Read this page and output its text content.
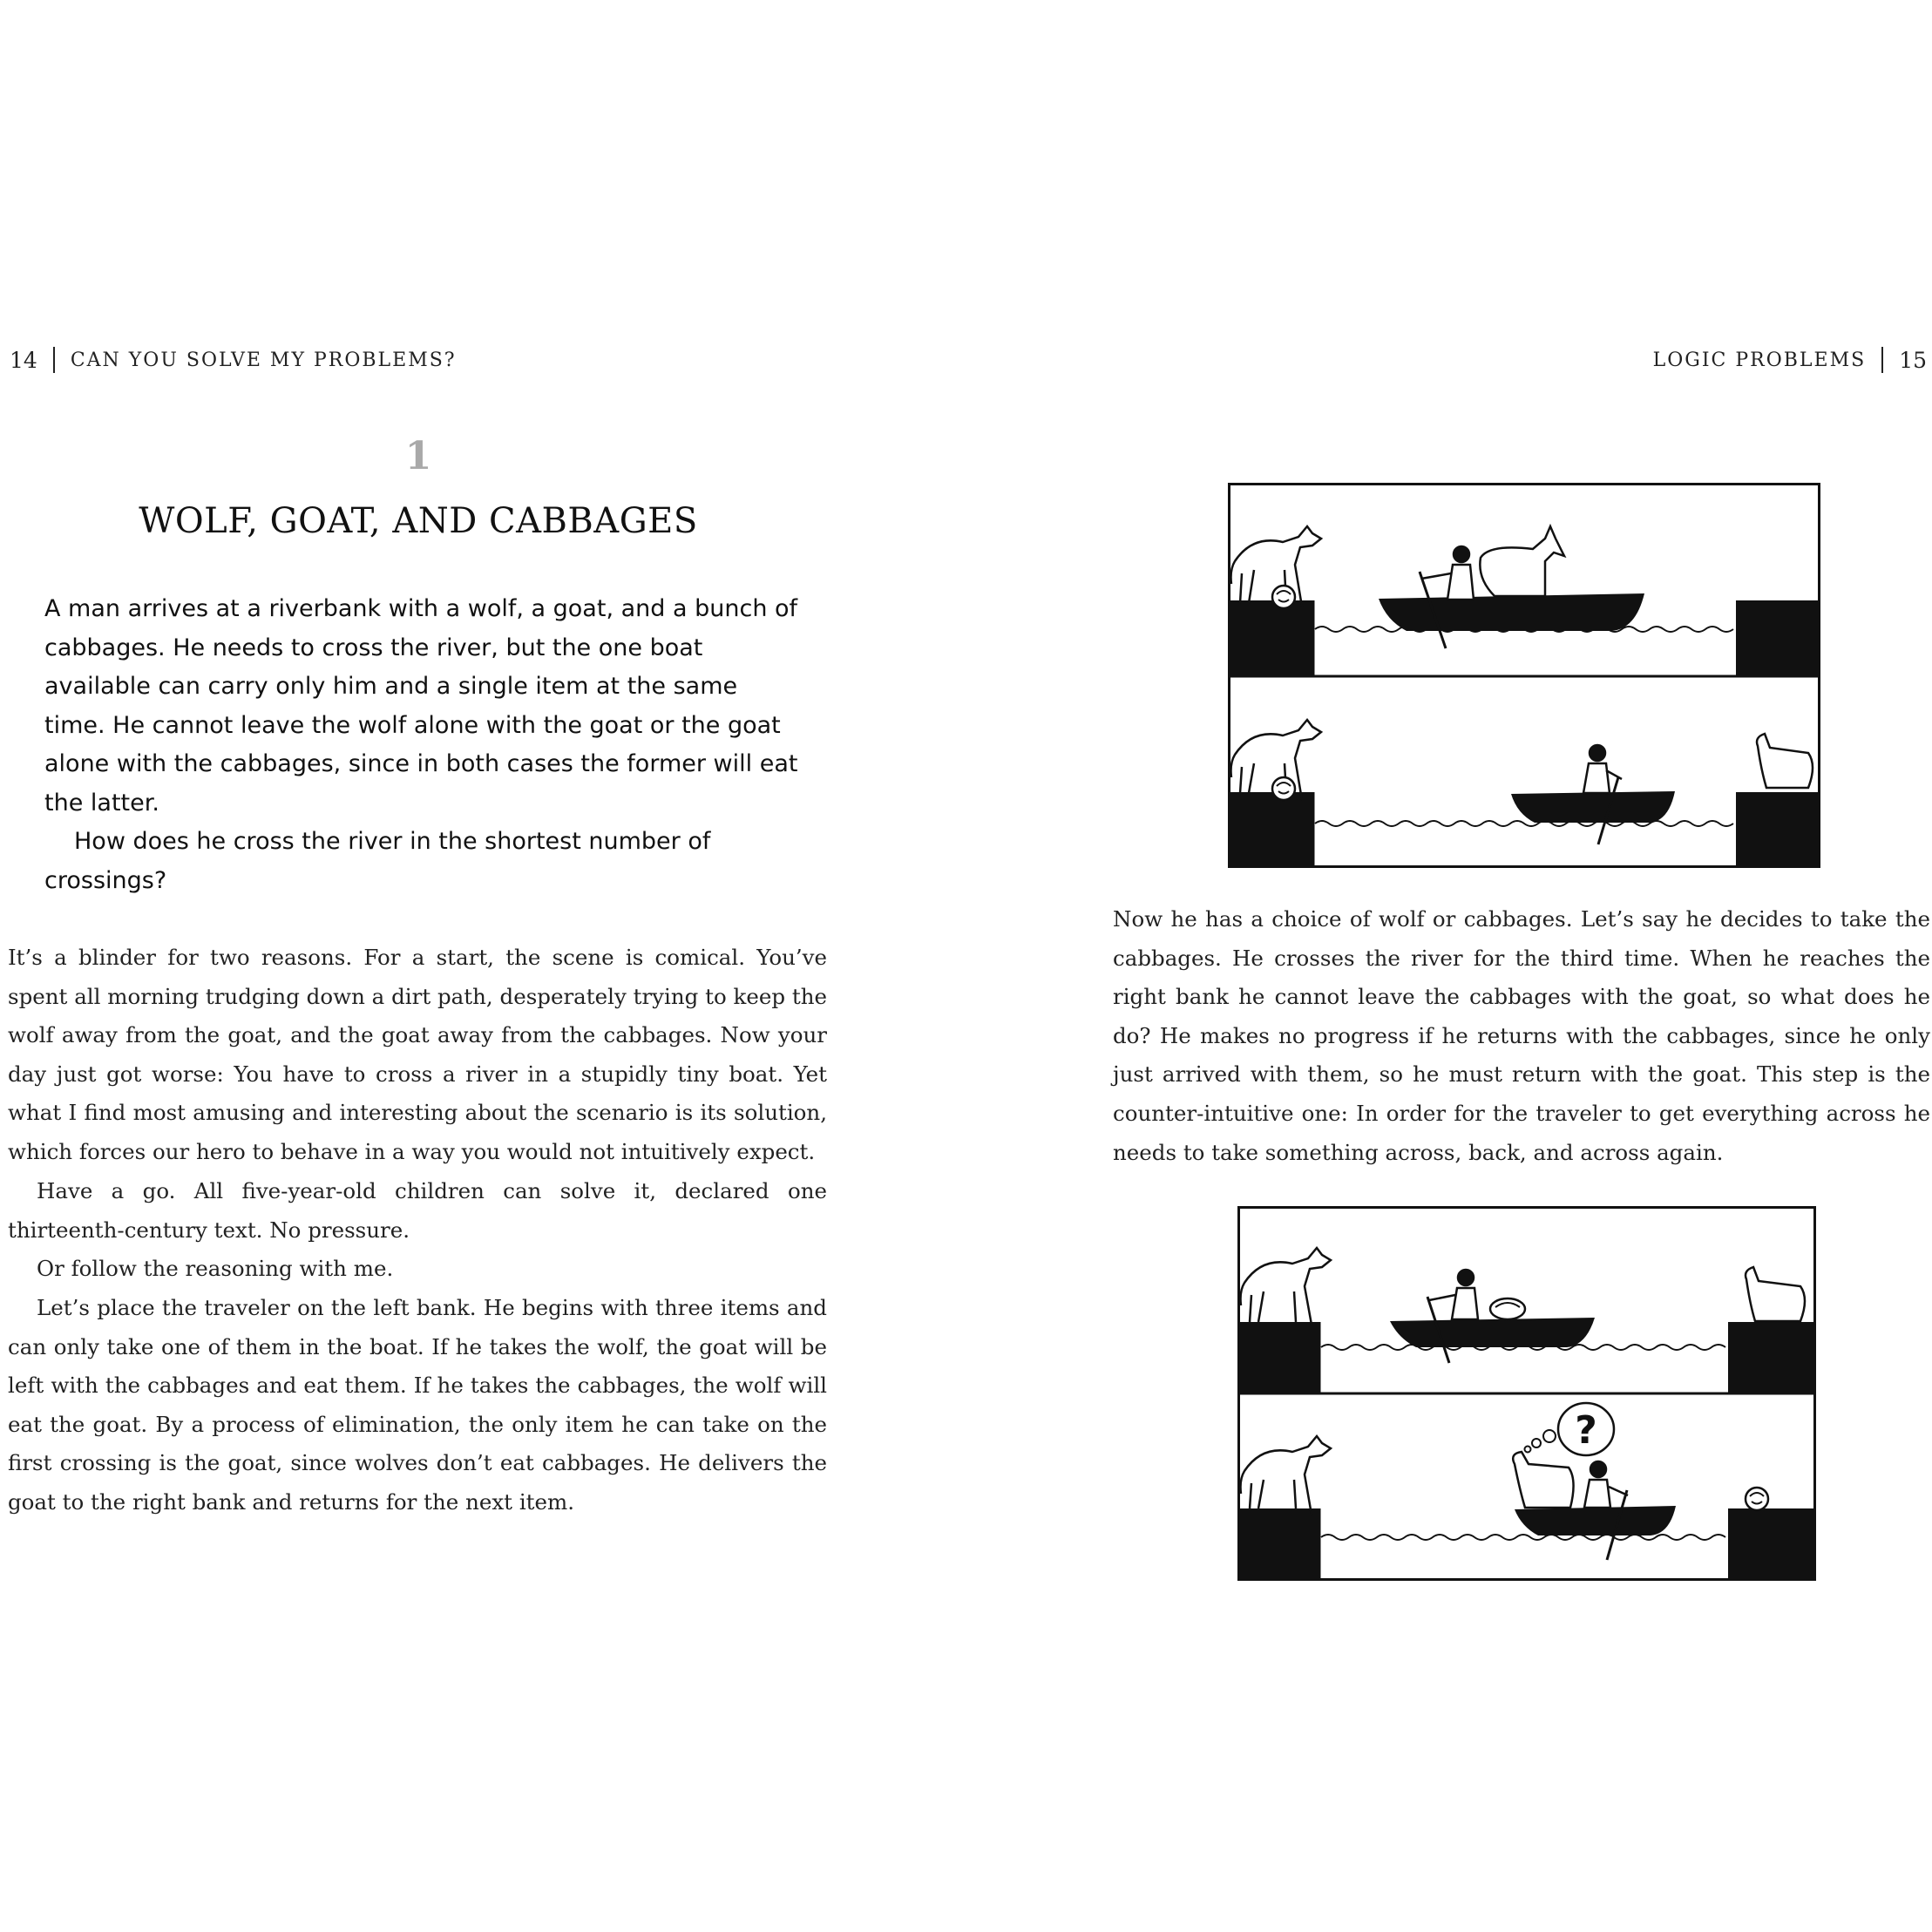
14 CAN YOU SOLVE MY PROBLEMS?	LOGIC PROBLEMS 15
1
WOLF, GOAT, AND CABBAGES

A man arrives at a riverbank with a wolf, a goat, and a bunch of cabbages. He needs to cross the river, but the one boat available can carry only him and a single item at the same time. He cannot leave the wolf alone with the goat or the goat alone with the cabbages, since in both cases the former will eat the latter.

How does he cross the river in the shortest number of crossings?

It’s a blinder for two reasons. For a start, the scene is comical. You’ve spent all morning trudging down a dirt path, desperately trying to keep the wolf away from the goat, and the goat away from the cabbages. Now your day just got worse: You have to cross a river in a stupidly tiny boat. Yet what I find most amusing and interesting about the scenario is its solution, which forces our hero to behave in a way you would not intuitively expect.

Have a go. All five-year-old children can solve it, declared one thirteenth-century text. No pressure.

Or follow the reasoning with me.

Let’s place the traveler on the left bank. He begins with three items and can only take one of them in the boat. If he takes the wolf, the goat will be left with the cabbages and eat them. If he takes the cabbages, the wolf will eat the goat. By a process of elimination, the only item he can take on the first crossing is the goat, since wolves don’t eat cabbages. He delivers the goat to the right bank and returns for the next item.

Now he has a choice of wolf or cabbages. Let’s say he decides to take the cabbages. He crosses the river for the third time. When he reaches the right bank he cannot leave the cabbages with the goat, so what does he do? He makes no progress if he returns with the cabbages, since he only just arrived with them, so he must return with the goat. This step is the counter-intuitive one: In order for the traveler to get everything across he needs to take something across, back, and across again.

?
